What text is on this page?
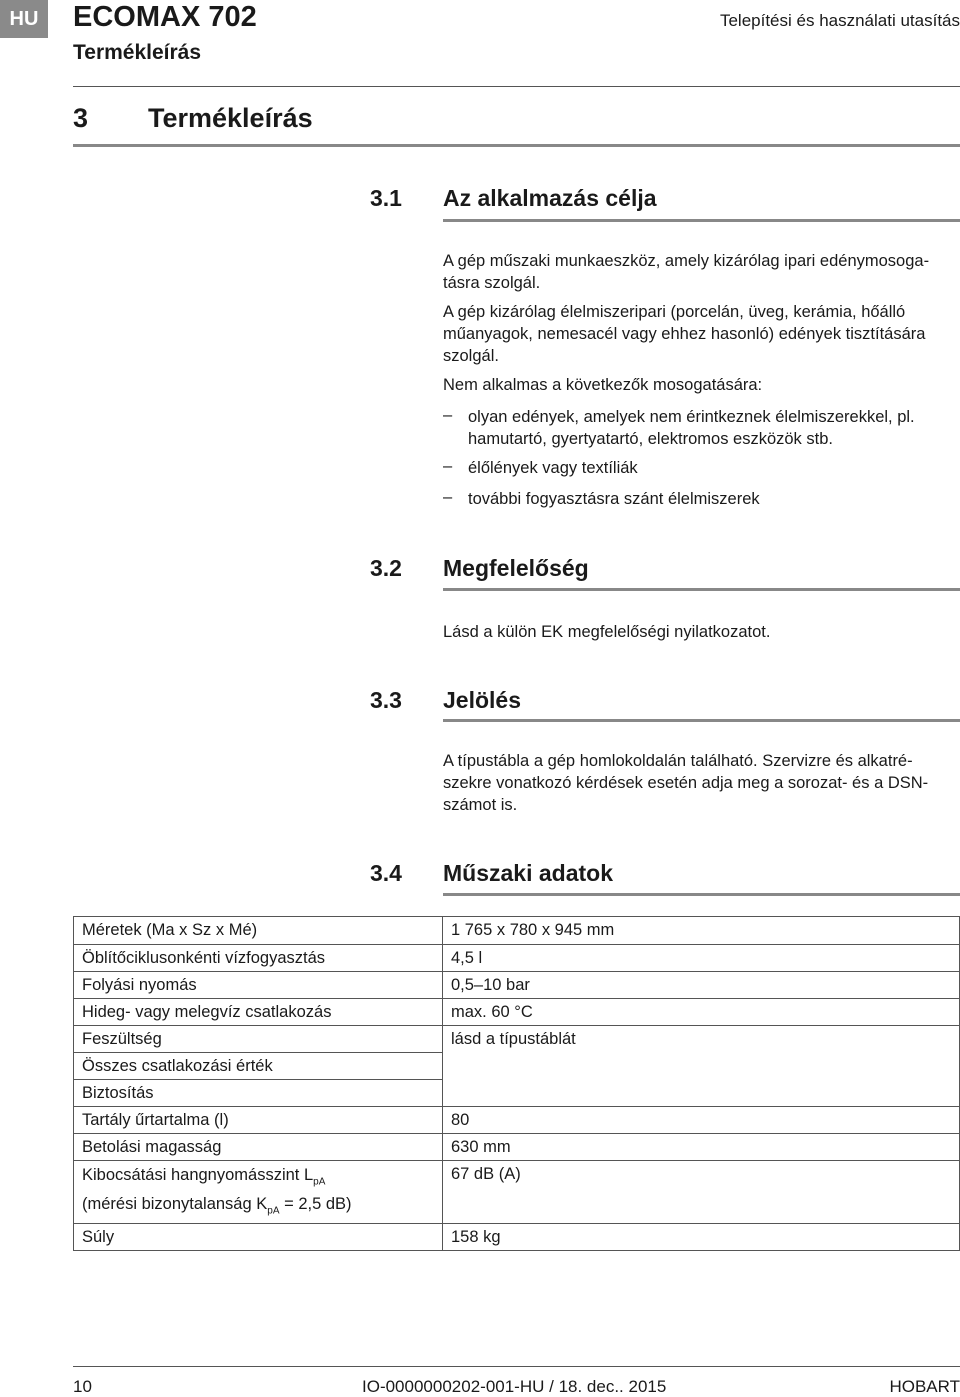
HU	ECOMAX 702
Termékleírás
Telepítési és használati utasítás
3 Termékleírás
3.1 Az alkalmazás célja
A gép műszaki munkaeszköz, amely kizárólag ipari edénymosoga-tásra szolgál.
A gép kizárólag élelmiszeripari (porcelán, üveg, kerámia, hőálló műanyagok, nemesacél vagy ehhez hasonló) edények tisztítására szolgál.
Nem alkalmas a következők mosogatására:
– olyan edények, amelyek nem érintkeznek élelmiszerekkel, pl. hamutartó, gyertyatartó, elektromos eszközök stb.
– élőlények vagy textíliák
– további fogyasztásra szánt élelmiszerek
3.2 Megfelelőség
Lásd a külön EK megfelelőségi nyilatkozatot.
3.3 Jelölés
A típustábla a gép homlokoldalán található. Szervizre és alkatré-szekre vonatkozó kérdések esetén adja meg a sorozat- és a DSN-számot is.
3.4 Műszaki adatok
Méretek (Ma x Sz x Mé)	1 765 x 780 x 945 mm
Öblítőciklusonkénti vízfogyasztás	4,5 l
Folyási nyomás	0,5–10 bar
Hideg- vagy melegvíz csatlakozás	max. 60 °C
Feszültség	lásd a típustáblát
Összes csatlakozási érték	
Biztosítás	
Tartály űrtartalma (l)	80
Betolási magasság	630 mm
Kibocsátási hangnyomásszint $L_{pA}$
(mérési bizonytalanság $K_{pA} = 2,5$ dB)	67 dB (A)
Súly	158 kg
10	IO-0000000202-001-HU / 18. dec.. 2015	HOBART
